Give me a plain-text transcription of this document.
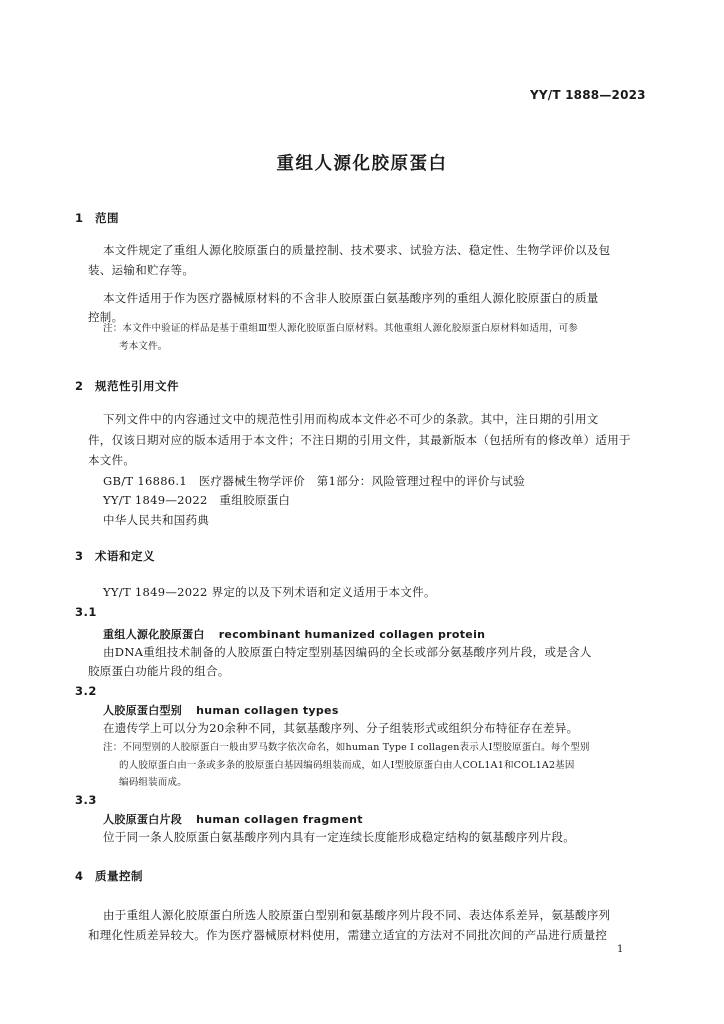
YY/T 1888—2023
重组人源化胶原蛋白
1 范围
本文件规定了重组人源化胶原蛋白的质量控制、技术要求、试验方法、稳定性、生物学评价以及包
装、运输和贮存等。
本文件适用于作为医疗器械原材料的不含非人胶原蛋白氨基酸序列的重组人源化胶原蛋白的质量
控制。
注：本文件中验证的样品是基于重组Ⅲ型人源化胶原蛋白原材料。其他重组人源化胶原蛋白原材料如适用，可参
考本文件。
2 规范性引用文件
下列文件中的内容通过文中的规范性引用而构成本文件必不可少的条款。其中，注日期的引用文
件，仅该日期对应的版本适用于本文件；不注日期的引用文件，其最新版本（包括所有的修改单）适用于
本文件。
GB/T 16886.1　医疗器械生物学评价　第1部分：风险管理过程中的评价与试验
YY/T 1849—2022　重组胶原蛋白
中华人民共和国药典
3 术语和定义
YY/T 1849—2022 界定的以及下列术语和定义适用于本文件。
3.1
重组人源化胶原蛋白 recombinant humanized collagen protein
由DNA重组技术制备的人胶原蛋白特定型别基因编码的全长或部分氨基酸序列片段，或是含人
胶原蛋白功能片段的组合。
3.2
人胶原蛋白型别 human collagen types
在遗传学上可以分为20余种不同，其氨基酸序列、分子组装形式或组织分布特征存在差异。
注：不同型别的人胶原蛋白一般由罗马数字依次命名，如human Type Ⅰ collagen表示人Ⅰ型胶原蛋白。每个型别
的人胶原蛋白由一条或多条的胶原蛋白基因编码组装而成，如人Ⅰ型胶原蛋白由人COL1A1和COL1A2基因
编码组装而成。
3.3
人胶原蛋白片段 human collagen fragment
位于同一条人胶原蛋白氨基酸序列内具有一定连续长度能形成稳定结构的氨基酸序列片段。
4 质量控制
由于重组人源化胶原蛋白所选人胶原蛋白型别和氨基酸序列片段不同、表达体系差异，氨基酸序列
和理化性质差异较大。作为医疗器械原材料使用，需建立适宜的方法对不同批次间的产品进行质量控
1
